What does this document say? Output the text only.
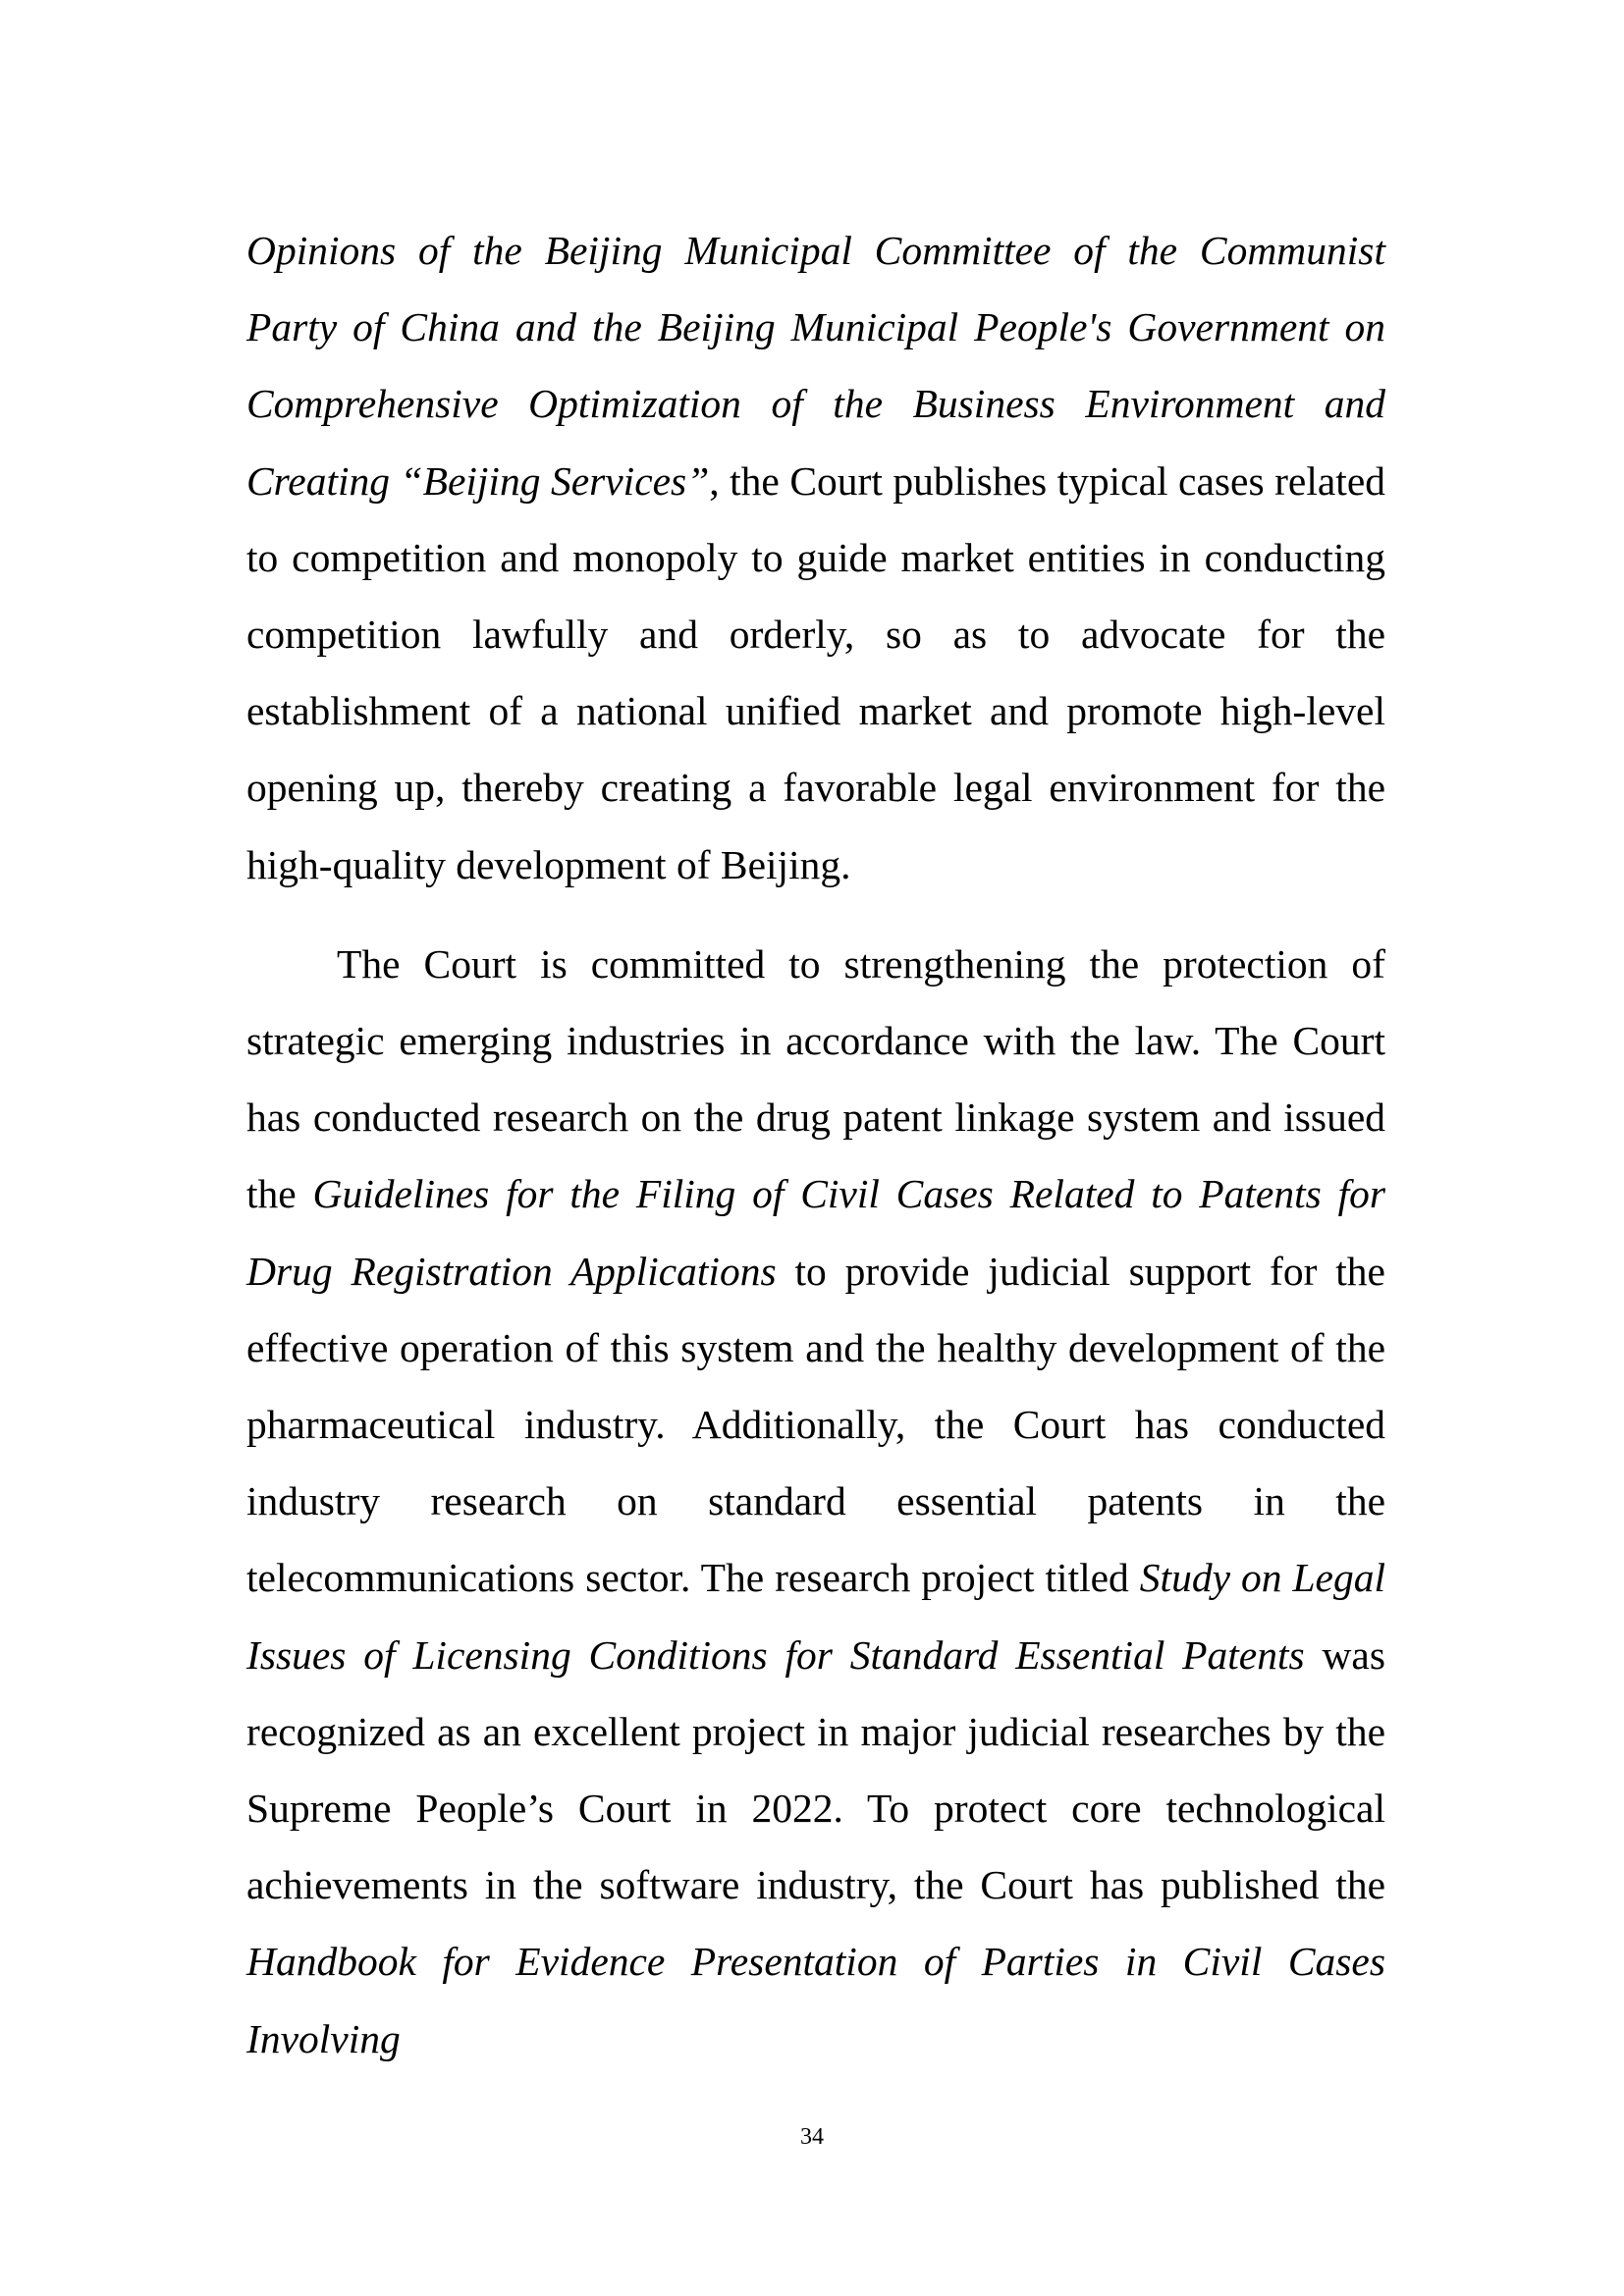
Opinions of the Beijing Municipal Committee of the Communist Party of China and the Beijing Municipal People's Government on Comprehensive Optimization of the Business Environment and Creating “Beijing Services”, the Court publishes typical cases related to competition and monopoly to guide market entities in conducting competition lawfully and orderly, so as to advocate for the establishment of a national unified market and promote high-level opening up, thereby creating a favorable legal environment for the high-quality development of Beijing.

The Court is committed to strengthening the protection of strategic emerging industries in accordance with the law. The Court has conducted research on the drug patent linkage system and issued the Guidelines for the Filing of Civil Cases Related to Patents for Drug Registration Applications to provide judicial support for the effective operation of this system and the healthy development of the pharmaceutical industry. Additionally, the Court has conducted industry research on standard essential patents in the telecommunications sector. The research project titled Study on Legal Issues of Licensing Conditions for Standard Essential Patents was recognized as an excellent project in major judicial researches by the Supreme People’s Court in 2022. To protect core technological achievements in the software industry, the Court has published the Handbook for Evidence Presentation of Parties in Civil Cases Involving

34
